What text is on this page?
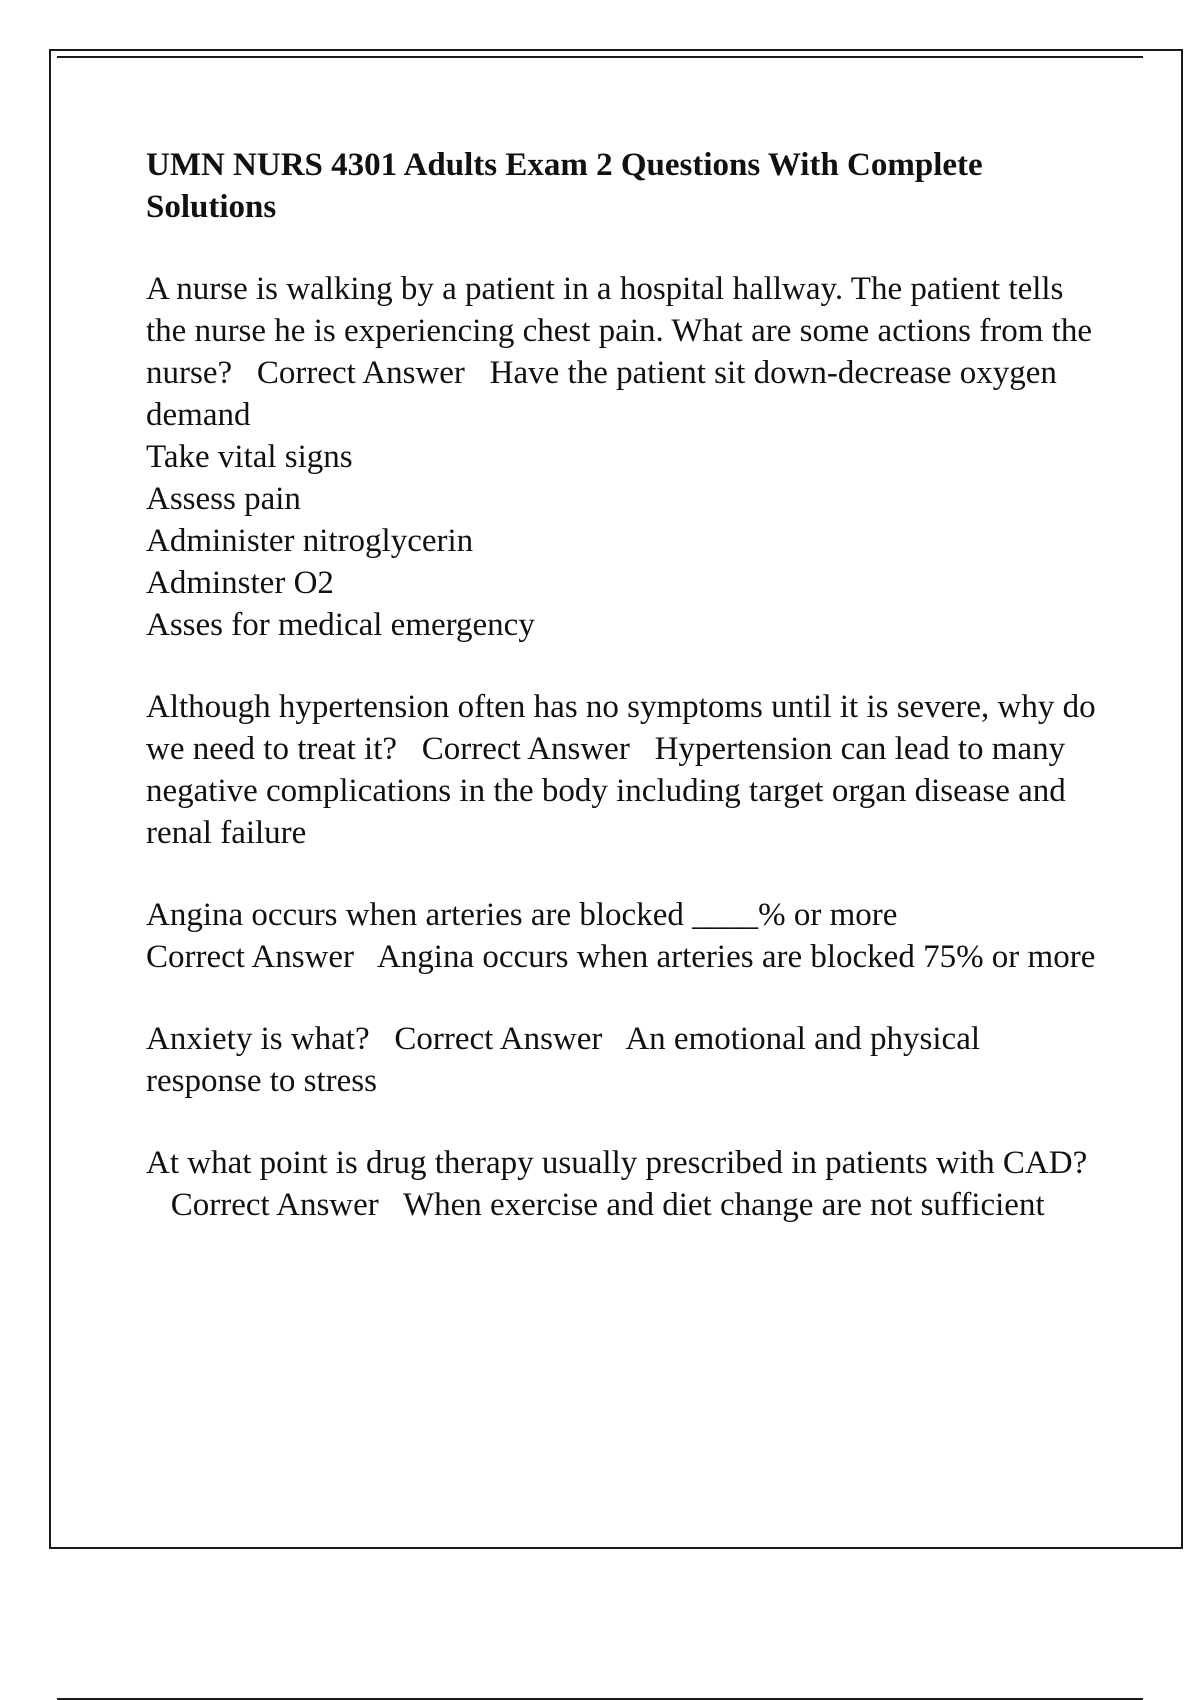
UMN NURS 4301 Adults Exam 2 Questions With Complete Solutions
A nurse is walking by a patient in a hospital hallway. The patient tells the nurse he is experiencing chest pain. What are some actions from the nurse? Correct Answer Have the patient sit down-decrease oxygen demand
Take vital signs
Assess pain
Administer nitroglycerin
Adminster O2
Asses for medical emergency
Although hypertension often has no symptoms until it is severe, why do we need to treat it? Correct Answer Hypertension can lead to many negative complications in the body including target organ disease and renal failure
Angina occurs when arteries are blocked ____% or more
Correct Answer Angina occurs when arteries are blocked 75% or more
Anxiety is what? Correct Answer An emotional and physical response to stress
At what point is drug therapy usually prescribed in patients with CAD?   Correct Answer When exercise and diet change are not sufficient
